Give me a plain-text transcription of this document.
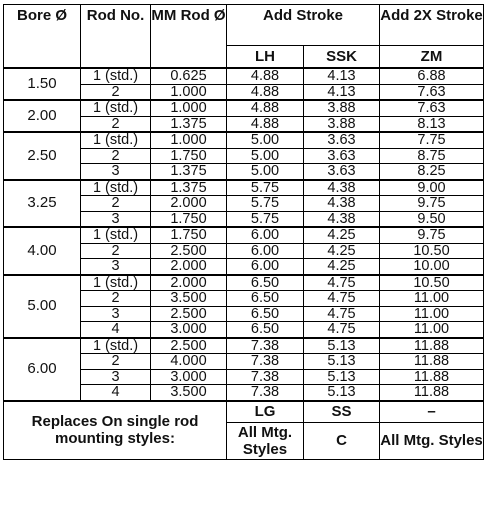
Bore Ø	Rod No.	MM Rod Ø	Add Stroke		Add 2X Stroke
			LH	SSK	ZM
1.50	1 (std.)	0.625	4.88	4.13	6.88
	2	1.000	4.88	4.13	7.63
2.00	1 (std.)	1.000	4.88	3.88	7.63
	2	1.375	4.88	3.88	8.13
2.50	1 (std.)	1.000	5.00	3.63	7.75
	2	1.750	5.00	3.63	8.75
	3	1.375	5.00	3.63	8.25
3.25	1 (std.)	1.375	5.75	4.38	9.00
	2	2.000	5.75	4.38	9.75
	3	1.750	5.75	4.38	9.50
4.00	1 (std.)	1.750	6.00	4.25	9.75
	2	2.500	6.00	4.25	10.50
	3	2.000	6.00	4.25	10.00
5.00	1 (std.)	2.000	6.50	4.75	10.50
	2	3.500	6.50	4.75	11.00
	3	2.500	6.50	4.75	11.00
	4	3.000	6.50	4.75	11.00
6.00	1 (std.)	2.500	7.38	5.13	11.88
	2	4.000	7.38	5.13	11.88
	3	3.000	7.38	5.13	11.88
	4	3.500	7.38	5.13	11.88
Replaces On single rod mounting styles:			LG	SS	–
			All Mtg. Styles	C	All Mtg. Styles
